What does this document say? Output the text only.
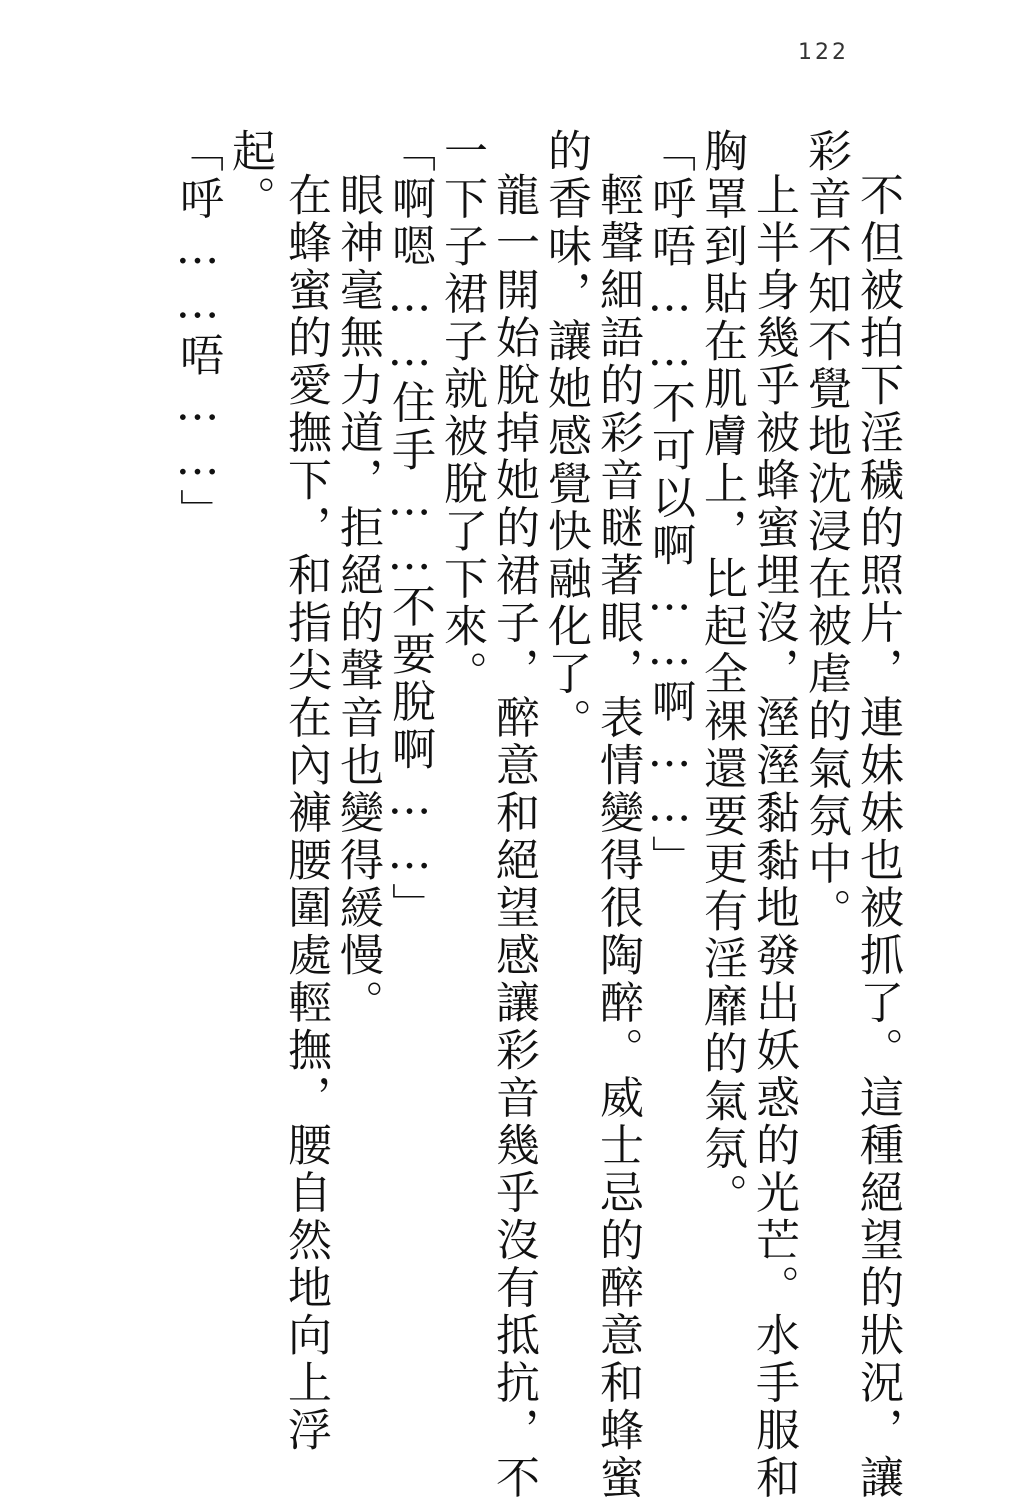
122
不但被拍下淫穢的照片，連妹妹也被抓了。這種絕望的狀況，讓
彩音不知不覺地沈浸在被虐的氣氛中。
上半身幾乎被蜂蜜埋沒，溼溼黏黏地發出妖惑的光芒。水手服和
胸罩到貼在肌膚上，比起全裸還要更有淫靡的氣氛。
「呼唔……不可以啊……啊……」
輕聲細語的彩音瞇著眼，表情變得很陶醉。威士忌的醉意和蜂蜜
的香味，讓她感覺快融化了。
龍一開始脫掉她的裙子，醉意和絕望感讓彩音幾乎沒有抵抗，不
一下子裙子就被脫了下來。
「啊嗯……住手……不要脫啊……」
眼神毫無力道，拒絕的聲音也變得緩慢。
在蜂蜜的愛撫下，和指尖在內褲腰圍處輕撫，腰自然地向上浮
起。
「呼……唔……」
